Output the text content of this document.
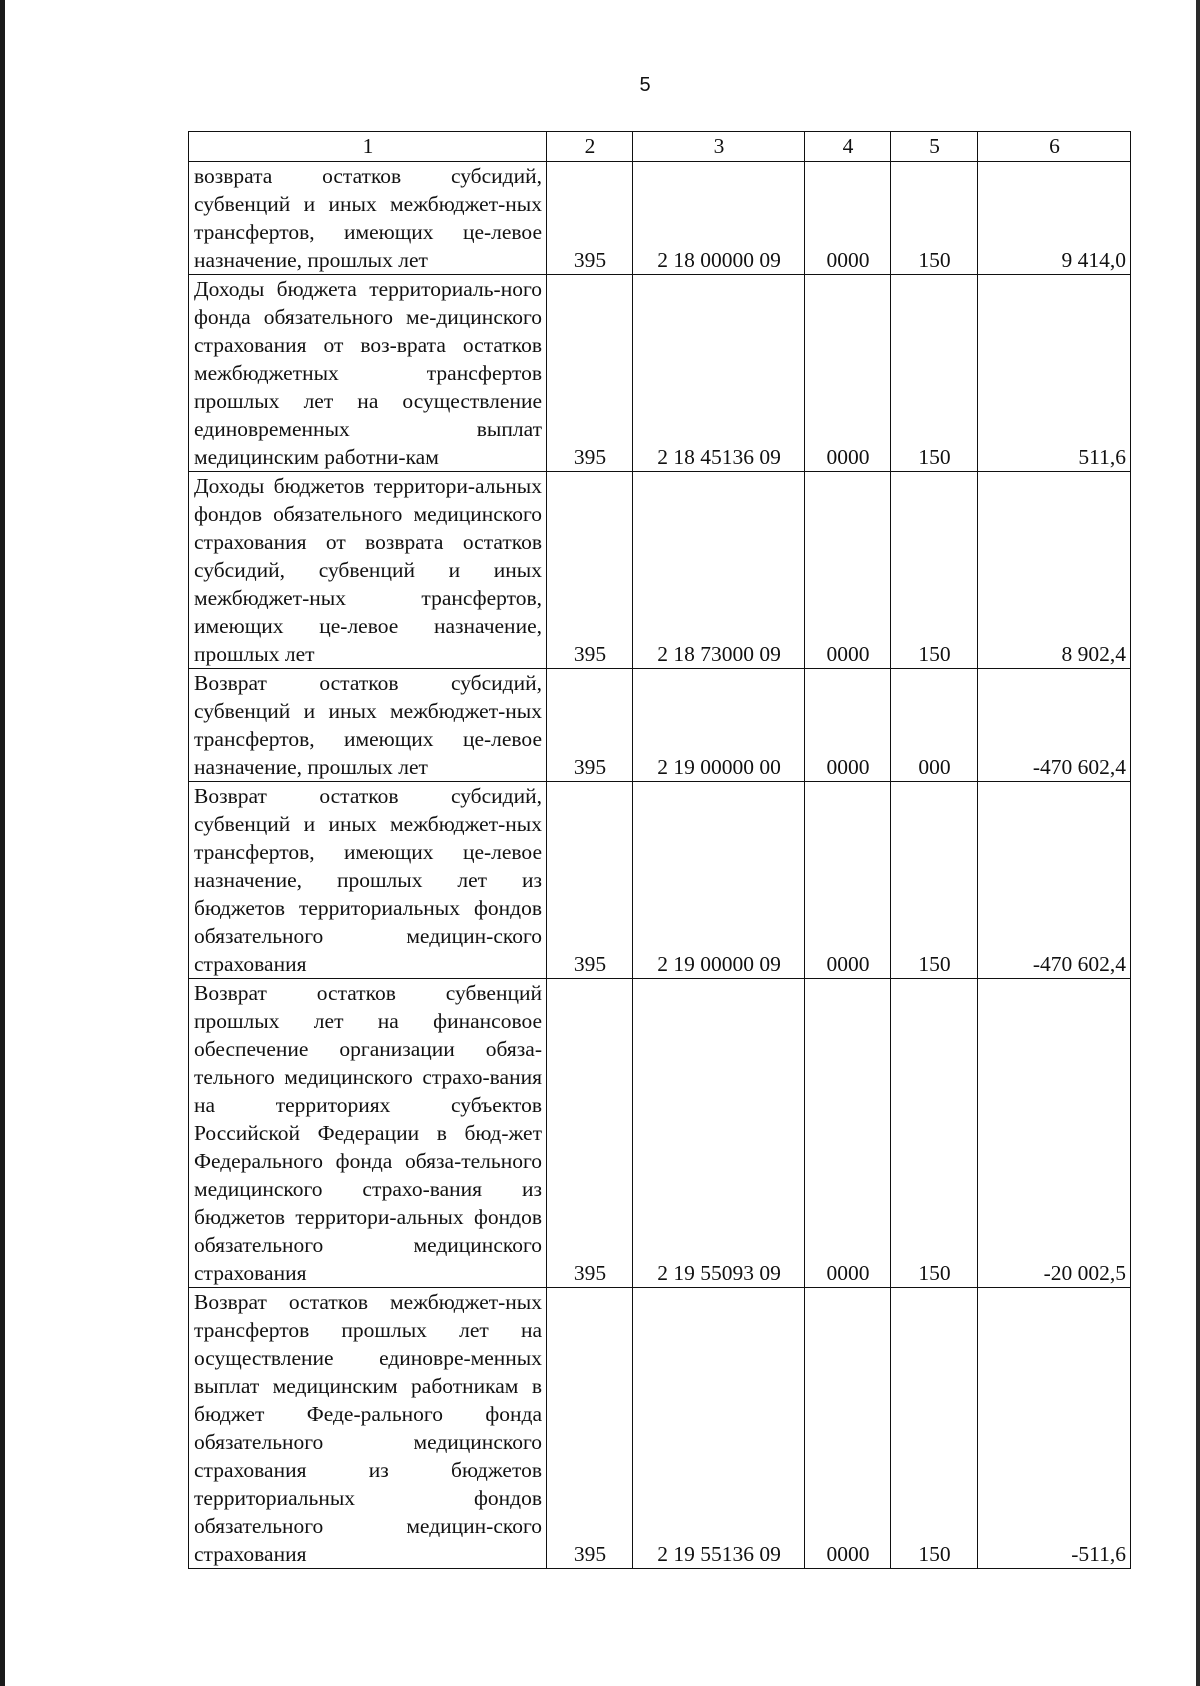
5
1	2	3	4	5	6
возврата остатков субсидий, субвенций и иных межбюджет-ных трансфертов, имеющих це-левое назначение, прошлых лет	395	2 18 00000 09	0000	150	9 414,0
Доходы бюджета территориаль-ного фонда обязательного ме-дицинского страхования от воз-врата остатков межбюджетных трансфертов прошлых лет на осуществление единовременных выплат медицинским работни-кам	395	2 18 45136 09	0000	150	511,6
Доходы бюджетов территори-альных фондов обязательного медицинского страхования от возврата остатков субсидий, субвенций и иных межбюджет-ных трансфертов, имеющих це-левое назначение, прошлых лет	395	2 18 73000 09	0000	150	8 902,4
Возврат остатков субсидий, субвенций и иных межбюджет-ных трансфертов, имеющих це-левое назначение, прошлых лет	395	2 19 00000 00	0000	000	-470 602,4
Возврат остатков субсидий, субвенций и иных межбюджет-ных трансфертов, имеющих це-левое назначение, прошлых лет из бюджетов территориальных фондов обязательного медицин-ского страхования	395	2 19 00000 09	0000	150	-470 602,4
Возврат остатков субвенций прошлых лет на финансовое обеспечение организации обяза-тельного медицинского страхо-вания на территориях субъектов Российской Федерации в бюд-жет Федерального фонда обяза-тельного медицинского страхо-вания из бюджетов территори-альных фондов обязательного медицинского страхования	395	2 19 55093 09	0000	150	-20 002,5
Возврат остатков межбюджет-ных трансфертов прошлых лет на осуществление единовре-менных выплат медицинским работникам в бюджет Феде-рального фонда обязательного медицинского страхования из бюджетов территориальных фондов обязательного медицин-ского страхования	395	2 19 55136 09	0000	150	-511,6
